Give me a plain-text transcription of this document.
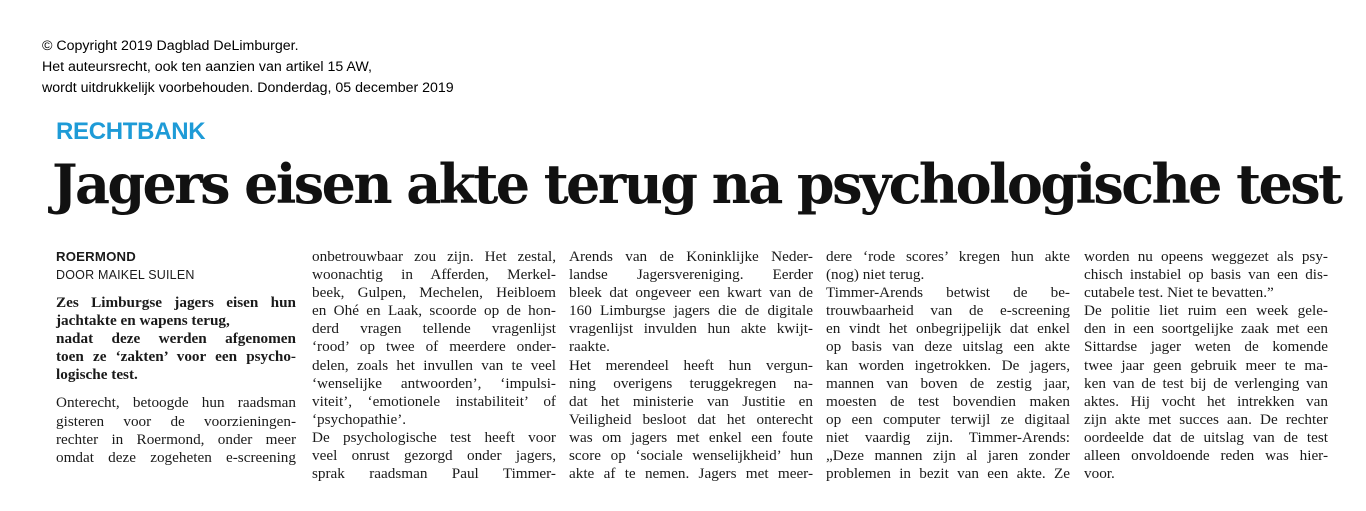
© Copyright 2019 Dagblad DeLimburger.
Het auteursrecht, ook ten aanzien van artikel 15 AW,
wordt uitdrukkelijk voorbehouden. Donderdag, 05 december 2019
RECHTBANK
Jagers eisen akte terug na psychologische test
ROERMOND
DOOR MAIKEL SUILEN
Zes Limburgse jagers eisen hun
jachtakte en wapens terug,
nadat deze werden afgenomen
toen ze ‘zakten’ voor een psycho-
logische test.
Onterecht, betoogde hun raadsman
gisteren voor de voorzieningen-
rechter in Roermond, onder meer
omdat deze zogeheten e-screening
onbetrouwbaar zou zijn. Het zestal,
woonachtig in Afferden, Merkel-
beek, Gulpen, Mechelen, Heibloem
en Ohé en Laak, scoorde op de hon-
derd vragen tellende vragenlijst
‘rood’ op twee of meerdere onder-
delen, zoals het invullen van te veel
‘wenselijke antwoorden’, ‘impulsi-
viteit’, ‘emotionele instabiliteit’ of
‘psychopathie’.
De psychologische test heeft voor
veel onrust gezorgd onder jagers,
sprak raadsman Paul Timmer-
Arends van de Koninklijke Neder-
landse Jagersvereniging. Eerder
bleek dat ongeveer een kwart van de
160 Limburgse jagers die de digitale
vragenlijst invulden hun akte kwijt-
raakte.
Het merendeel heeft hun vergun-
ning overigens teruggekregen na-
dat het ministerie van Justitie en
Veiligheid besloot dat het onterecht
was om jagers met enkel een foute
score op ‘sociale wenselijkheid’ hun
akte af te nemen. Jagers met meer-
dere ‘rode scores’ kregen hun akte
(nog) niet terug.
Timmer-Arends betwist de be-
trouwbaarheid van de e-screening
en vindt het onbegrijpelijk dat enkel
op basis van deze uitslag een akte
kan worden ingetrokken. De jagers,
mannen van boven de zestig jaar,
moesten de test bovendien maken
op een computer terwijl ze digitaal
niet vaardig zijn. Timmer-Arends:
„Deze mannen zijn al jaren zonder
problemen in bezit van een akte. Ze
worden nu opeens weggezet als psy-
chisch instabiel op basis van een dis-
cutabele test. Niet te bevatten.”
De politie liet ruim een week gele-
den in een soortgelijke zaak met een
Sittardse jager weten de komende
twee jaar geen gebruik meer te ma-
ken van de test bij de verlenging van
aktes. Hij vocht het intrekken van
zijn akte met succes aan. De rechter
oordeelde dat de uitslag van de test
alleen onvoldoende reden was hier-
voor.
